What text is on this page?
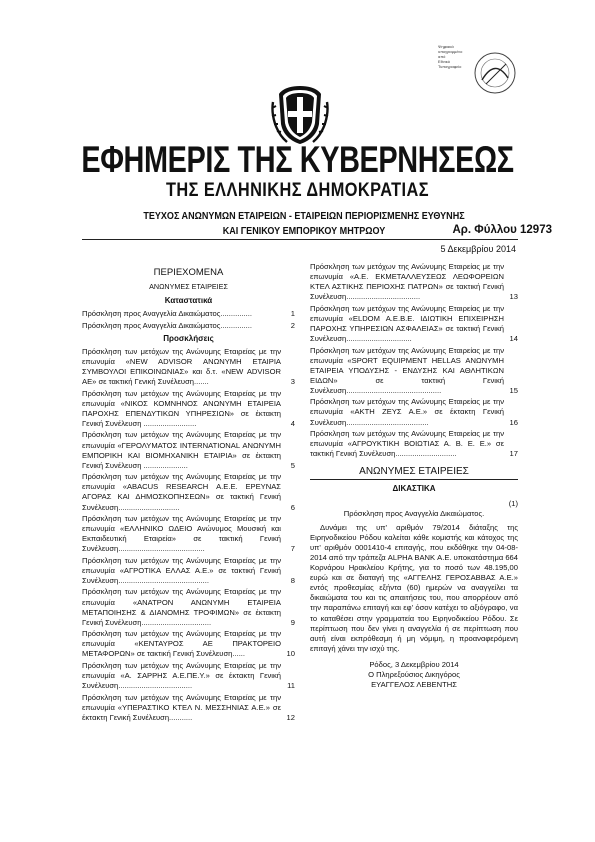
Ψηφιακά
υπογραμμένο
από
Εθνικό
Τυπογραφείο
ΕΦΗΜΕΡΙΣ ΤΗΣ ΚΥΒΕΡΝΗΣΕΩΣ
ΤΗΣ ΕΛΛΗΝΙΚΗΣ ΔΗΜΟΚΡΑΤΙΑΣ
ΤΕΥΧΟΣ ΑΝΩΝΥΜΩΝ ΕΤΑΙΡΕΙΩΝ - ΕΤΑΙΡΕΙΩΝ ΠΕΡΙΟΡΙΣΜΕΝΗΣ ΕΥΘΥΝΗΣ
ΚΑΙ ΓΕΝΙΚΟΥ ΕΜΠΟΡΙΚΟΥ ΜΗΤΡΩΟΥ	Αρ. Φύλλου 12973
5 Δεκεμβρίου 2014
ΠΕΡΙΕΧΟΜΕΝΑ
ΑΝΩΝΥΜΕΣ ΕΤΑΙΡΕΙΕΣ
Καταστατικά
Πρόσκληση προς Αναγγελία Δικαιώματος...............	1
Πρόσκληση προς Αναγγελία Δικαιώματος...............	2
Προσκλήσεις
Πρόσκληση των μετόχων της Ανώνυμης Εταιρείας με την επωνυμία «NEW ADVISOR ΑΝΩΝΥΜΗ ΕΤΑΙΡΙΑ ΣΥΜΒΟΥΛΟΙ ΕΠΙΚΟΙΝΩΝΙΑΣ» και δ.τ. «NEW ADVISOR ΑΕ» σε τακτική Γενική Συνέλευση.......	3
Πρόσκληση των μετόχων της Ανώνυμης Εταιρείας με την επωνυμία «ΝΙΚΟΣ ΚΟΜΝΗΝΟΣ ΑΝΩΝΥΜΗ ΕΤΑΙΡΕΙΑ ΠΑΡΟΧΗΣ ΕΠΕΝΔΥΤΙΚΩΝ ΥΠΗΡΕΣΙΩΝ» σε έκτακτη Γενική Συνέλευση .........................	4
Πρόσκληση των μετόχων της Ανώνυμης Εταιρείας με την επωνυμία «ΓΕΡΟΛΥΜΑΤΟΣ INTERNATIONAL ΑΝΩΝΥΜΗ ΕΜΠΟΡΙΚΗ ΚΑΙ ΒΙΟΜΗΧΑΝΙΚΗ ΕΤΑΙΡΙΑ» σε έκτακτη Γενική Συνέλευση .....................	5
Πρόσκληση των μετόχων της Ανώνυμης Εταιρείας με την επωνυμία «ABACUS RESEARCH Α.Ε.Ε. ΕΡΕΥΝΑΣ ΑΓΟΡΑΣ ΚΑΙ ΔΗΜΟΣΚΟΠΗΣΕΩΝ» σε τακτική Γενική Συνέλευση.............................	6
Πρόσκληση των μετόχων της Ανώνυμης Εταιρείας με την επωνυμία «ΕΛΛΗΝΙΚΟ ΩΔΕΙΟ Ανώνυμος Μουσική και Εκπαιδευτική Εταιρεία» σε τακτική Γενική Συνέλευση.........................................	7
Πρόσκληση των μετόχων της Ανώνυμης Εταιρείας με την επωνυμία «ΑΓΡΟΤΙΚΑ ΕΛΛΑΣ Α.Ε.» σε τακτική Γενική Συνέλευση...........................................	8
Πρόσκληση των μετόχων της Ανώνυμης Εταιρείας με την επωνυμία «ΑΝΑΤΡΟΝ ΑΝΩΝΥΜΗ ΕΤΑΙΡΕΙΑ ΜΕΤΑΠΟΙΗΣΗΣ & ΔΙΑΝΟΜΗΣ ΤΡΟΦΙΜΩΝ» σε έκτακτη Γενική Συνέλευση.................................	9
Πρόσκληση των μετόχων της Ανώνυμης Εταιρείας με την επωνυμία «ΚΕΝΤΑΥΡΟΣ ΑΕ ΠΡΑΚΤΟΡΕΙΟ ΜΕΤΑΦΟΡΩΝ» σε τακτική Γενική Συνέλευση......	10
Πρόσκληση των μετόχων της Ανώνυμης Εταιρείας με την επωνυμία «Α. ΣΑΡΡΗΣ Α.Ε.ΠΕ.Υ.» σε έκτακτη Γενική Συνέλευση...................................	11
Πρόσκληση των μετόχων της Ανώνυμης Εταιρείας με την επωνυμία «ΥΠΕΡΑΣΤΙΚΟ ΚΤΕΛ Ν. ΜΕΣΣΗΝΙΑΣ Α.Ε.» σε έκτακτη Γενική Συνέλευση...........	12
Πρόσκληση των μετόχων της Ανώνυμης Εταιρείας με την επωνυμία «Α.Ε. ΕΚΜΕΤΑΛΛΕΥΣΕΩΣ ΛΕΩΦΟΡΕΙΩΝ ΚΤΕΛ ΑΣΤΙΚΗΣ ΠΕΡΙΟΧΗΣ ΠΑΤΡΩΝ» σε τακτική Γενική Συνέλευση...................................	13
Πρόσκληση των μετόχων της Ανώνυμης Εταιρείας με την επωνυμία «ELDOM Α.Ε.Β.Ε. ΙΔΙΩΤΙΚΗ ΕΠΙΧΕΙΡΗΣΗ ΠΑΡΟΧΗΣ ΥΠΗΡΕΣΙΩΝ ΑΣΦΑΛΕΙΑΣ» σε τακτική Γενική Συνέλευση...............................	14
Πρόσκληση των μετόχων της Ανώνυμης Εταιρείας με την επωνυμία «SPORT EQUIPMENT HELLAS ΑΝΩΝΥΜΗ ΕΤΑΙΡΕΙΑ ΥΠΟΔΥΣΗΣ - ΕΝΔΥΣΗΣ ΚΑΙ ΑΘΛΗΤΙΚΩΝ ΕΙΔΩΝ» σε τακτική Γενική Συνέλευση.............................................	15
Πρόσκληση των μετόχων της Ανώνυμης Εταιρείας με την επωνυμία «ΑΚΤΗ ΖΕΥΣ Α.Ε.» σε έκτακτη Γενική Συνέλευση.......................................	16
Πρόσκληση των μετόχων της Ανώνυμης Εταιρείας με την επωνυμία «ΑΓΡΟΥΚΤΙΚΗ ΒΟΙΩΤΙΑΣ Α. Β. Ε. Ε.» σε τακτική Γενική Συνέλευση.............................	17
ΑΝΩΝΥΜΕΣ ΕΤΑΙΡΕΙΕΣ
ΔΙΚΑΣΤΙΚΑ
(1)
Πρόσκληση προς Αναγγελία Δικαιώματος.
Δυνάμει της υπ' αριθμόν 79/2014 διάταξης της Ειρηνοδικείου Ρόδου καλείται κάθε κομιστής και κάτοχος της υπ' αριθμόν 0001410-4 επιταγής, που εκδόθηκε την 04-08-2014 από την τράπεζα ALPHA BANK Α.Ε. υποκατάστημα 664 Κορνάρου Ηρακλείου Κρήτης, για το ποσό των 48.195,00 ευρώ και σε διαταγή της «ΑΓΓΕΛΗΣ ΓΕΡΟΣΑΒΒΑΣ Α.Ε.» εντός προθεσμίας εξήντα (60) ημερών να αναγγείλει τα δικαιώματα του και τις απαιτήσεις του, που απορρέουν από την παραπάνω επιταγή και εφ' όσον κατέχει το αξιόγραφο, να το καταθέσει στην γραμματεία του Ειρηνοδικείου Ρόδου. Σε περίπτωση που δεν γίνει η αναγγελία ή σε περίπτωση που αυτή είναι εκπρόθεσμη ή μη νόμιμη, η προαναφερόμενη επιταγή χάνει την ισχύ της.
Ρόδος, 3 Δεκεμβρίου 2014
Ο Πληρεξούσιος Δικηγόρος
ΕΥΑΓΓΕΛΟΣ ΛΕΒΕΝΤΗΣ
